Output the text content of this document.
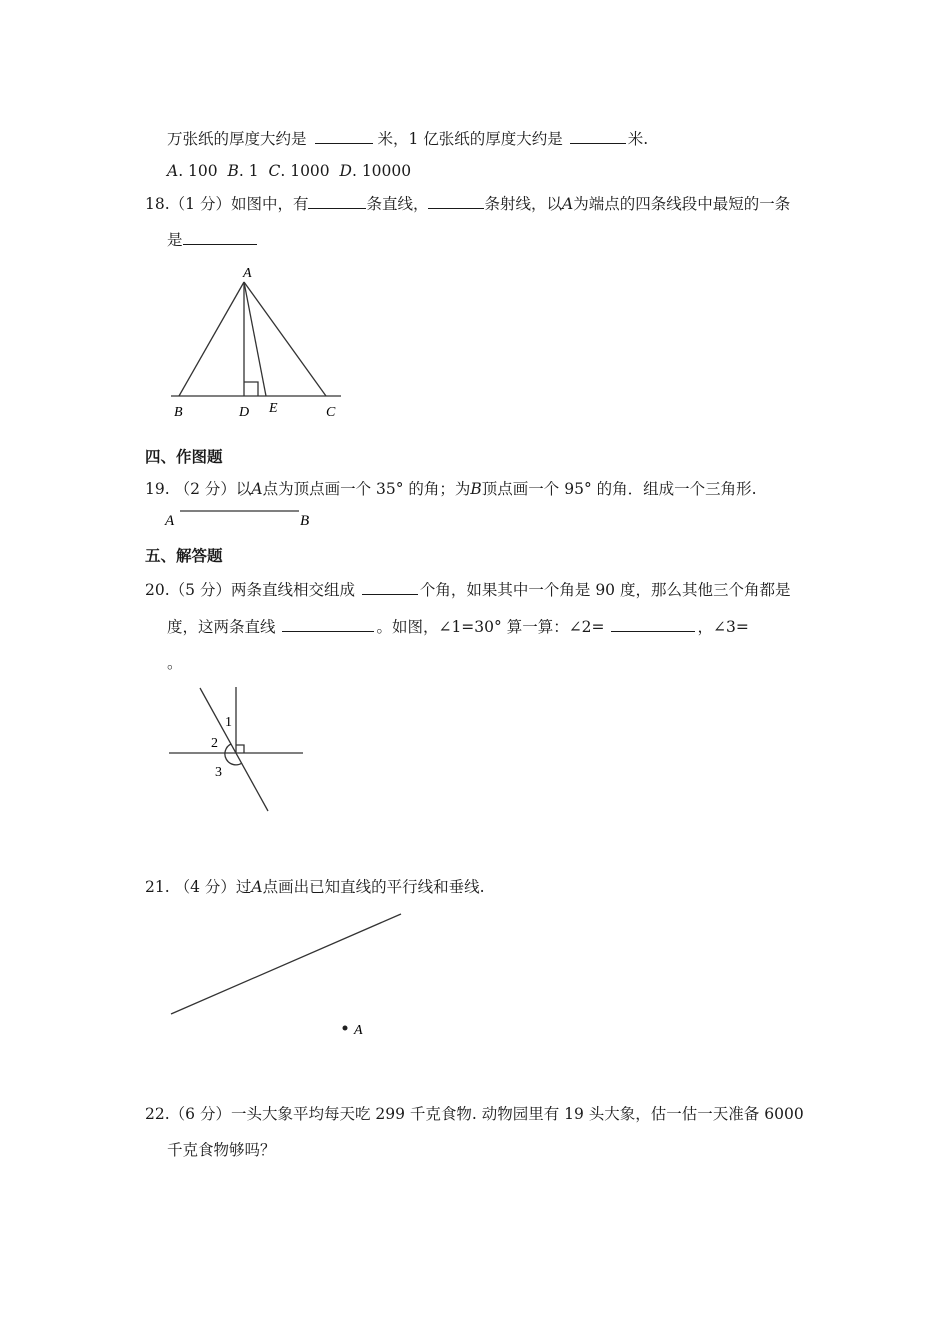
万张纸的厚度大约是	米，1 亿张纸的厚度大约是	米.
A. 100 B. 1 C. 1000 D. 10000
18.（1 分）如图中，有	条直线，	条射线，以A为端点的四条线段中最短的一条
是
A
B	D E	C
四、作图题
19. （2 分）以A点为顶点画一个 35° 的角；为B顶点画一个 95° 的角．组成一个三角形.
A	B
五、解答题
20.（5 分）两条直线相交组成	个角，如果其中一个角是 90 度，那么其他三个角都是
度，这两条直线	。如图，∠1=30° 算一算：∠2=	，∠3=
。
1
2
3
21. （4 分）过A点画出已知直线的平行线和垂线.
A
22.（6 分）一头大象平均每天吃 299 千克食物. 动物园里有 19 头大象，估一估一天准备 6000
千克食物够吗？
